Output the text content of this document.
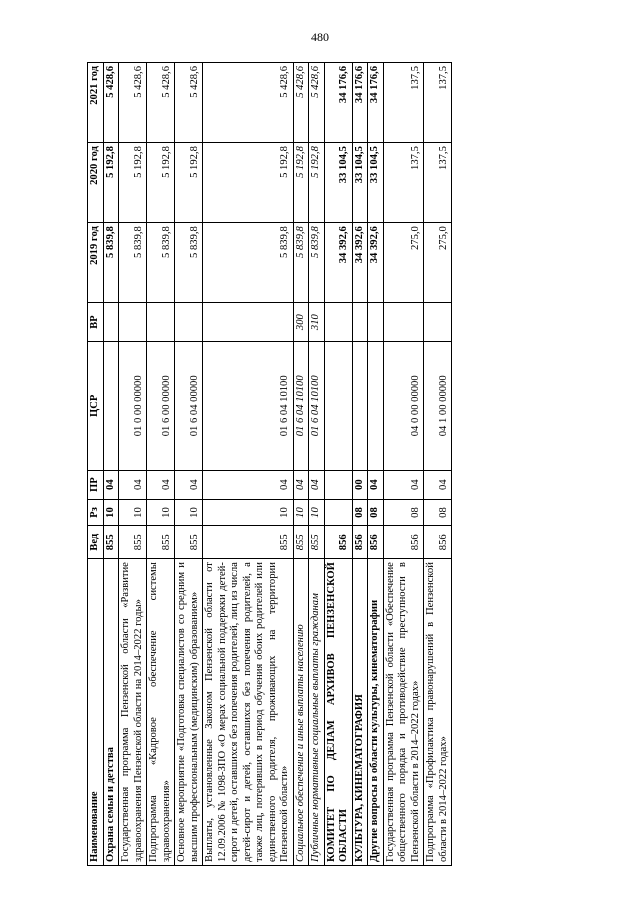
480
Наименование	Вед	Рз	ПР	ЦСР	ВР	2019 год	2020 год	2021 год
Охрана семьи и детства	855	10	04			5 839,8	5 192,8	5 428,6
Государственная программа Пензенской области «Развитие здравоохранения Пензенской области на 2014–2022 годы»	855	10	04	01 0 00 00000		5 839,8	5 192,8	5 428,6
Подпрограмма «Кадровое обеспечение системы здравоохранения»	855	10	04	01 6 00 00000		5 839,8	5 192,8	5 428,6
Основное мероприятие «Подготовка специалистов со средним и высшим профессиональным (медицинским) образованием»	855	10	04	01 6 04 00000		5 839,8	5 192,8	5 428,6
Выплаты, установленные Законом Пензенской области от 12.09.2006 № 1098-ЗПО «О мерах социальной поддержки детей-сирот и детей, оставшихся без попечения родителей, лиц из числа детей-сирот и детей, оставшихся без попечения родителей, а также лиц, потерявших в период обучения обоих родителей или единственного родителя, проживающих на территории Пензенской области»	855	10	04	01 6 04 10100		5 839,8	5 192,8	5 428,6
Социальное обеспечение и иные выплаты населению	855	10	04	01 6 04 10100	300	5 839,8	5 192,8	5 428,6
Публичные нормативные социальные выплаты гражданам	855	10	04	01 6 04 10100	310	5 839,8	5 192,8	5 428,6
КОМИТЕТ ПО ДЕЛАМ АРХИВОВ ПЕНЗЕНСКОЙ ОБЛАСТИ	856					34 392,6	33 104,5	34 176,6
КУЛЬТУРА, КИНЕМАТОГРАФИЯ	856	08	00			34 392,6	33 104,5	34 176,6
Другие вопросы в области культуры, кинематографии	856	08	04			34 392,6	33 104,5	34 176,6
Государственная программа Пензенской области «Обеспечение общественного порядка и противодействие преступности в Пензенской области в 2014–2022 годах»	856	08	04	04 0 00 00000		275,0	137,5	137,5
Подпрограмма «Профилактика правонарушений в Пензенской области в 2014–2022 годах»	856	08	04	04 1 00 00000		275,0	137,5	137,5
